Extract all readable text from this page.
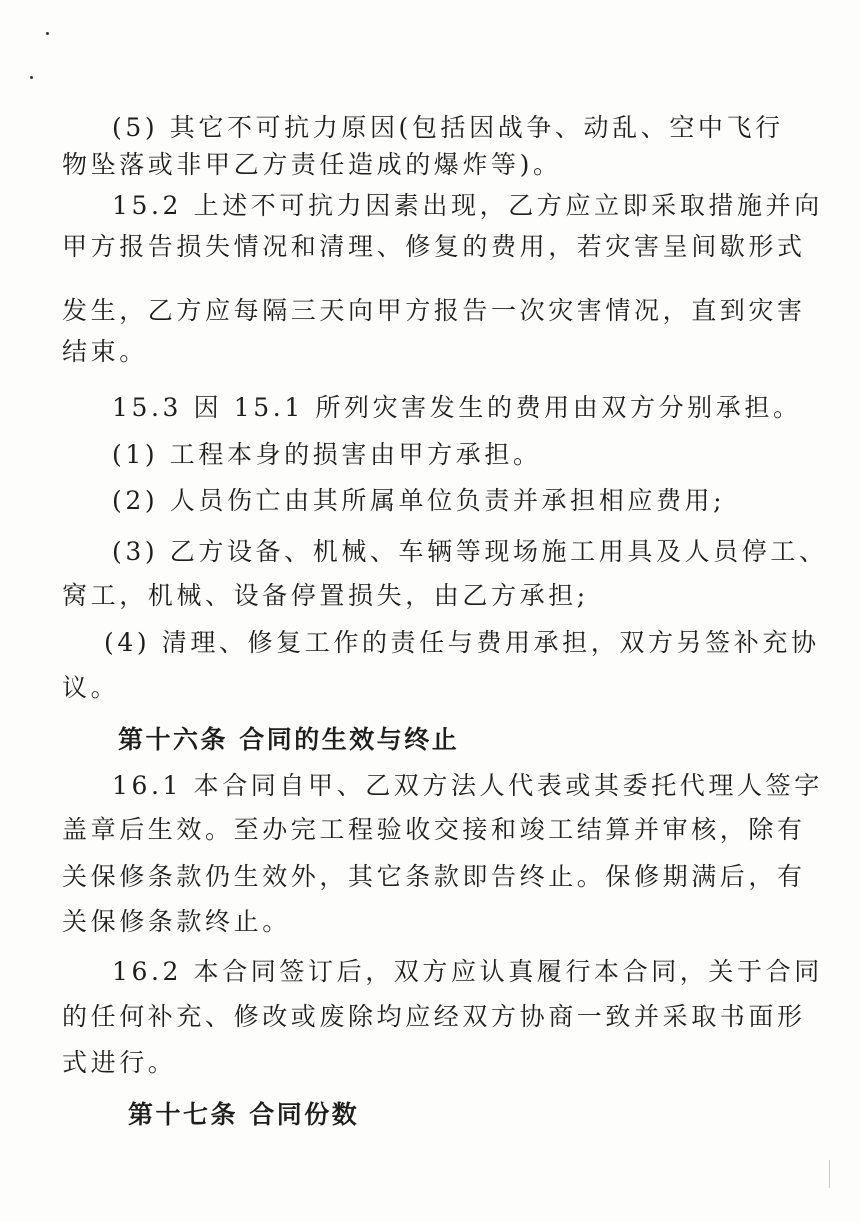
(5) 其它不可抗力原因(包括因战争、动乱、空中飞行
物坠落或非甲乙方责任造成的爆炸等)。
15.2 上述不可抗力因素出现，乙方应立即采取措施并向
甲方报告损失情况和清理、修复的费用，若灾害呈间歇形式
发生，乙方应每隔三天向甲方报告一次灾害情况，直到灾害
结束。
15.3 因 15.1 所列灾害发生的费用由双方分别承担。
(1) 工程本身的损害由甲方承担。
(2) 人员伤亡由其所属单位负责并承担相应费用;
(3) 乙方设备、机械、车辆等现场施工用具及人员停工、
窝工，机械、设备停置损失，由乙方承担;
(4) 清理、修复工作的责任与费用承担，双方另签补充协
议。
第十六条 合同的生效与终止
16.1 本合同自甲、乙双方法人代表或其委托代理人签字
盖章后生效。至办完工程验收交接和竣工结算并审核，除有
关保修条款仍生效外，其它条款即告终止。保修期满后，有
关保修条款终止。
16.2 本合同签订后，双方应认真履行本合同，关于合同
的任何补充、修改或废除均应经双方协商一致并采取书面形
式进行。
第十七条 合同份数
